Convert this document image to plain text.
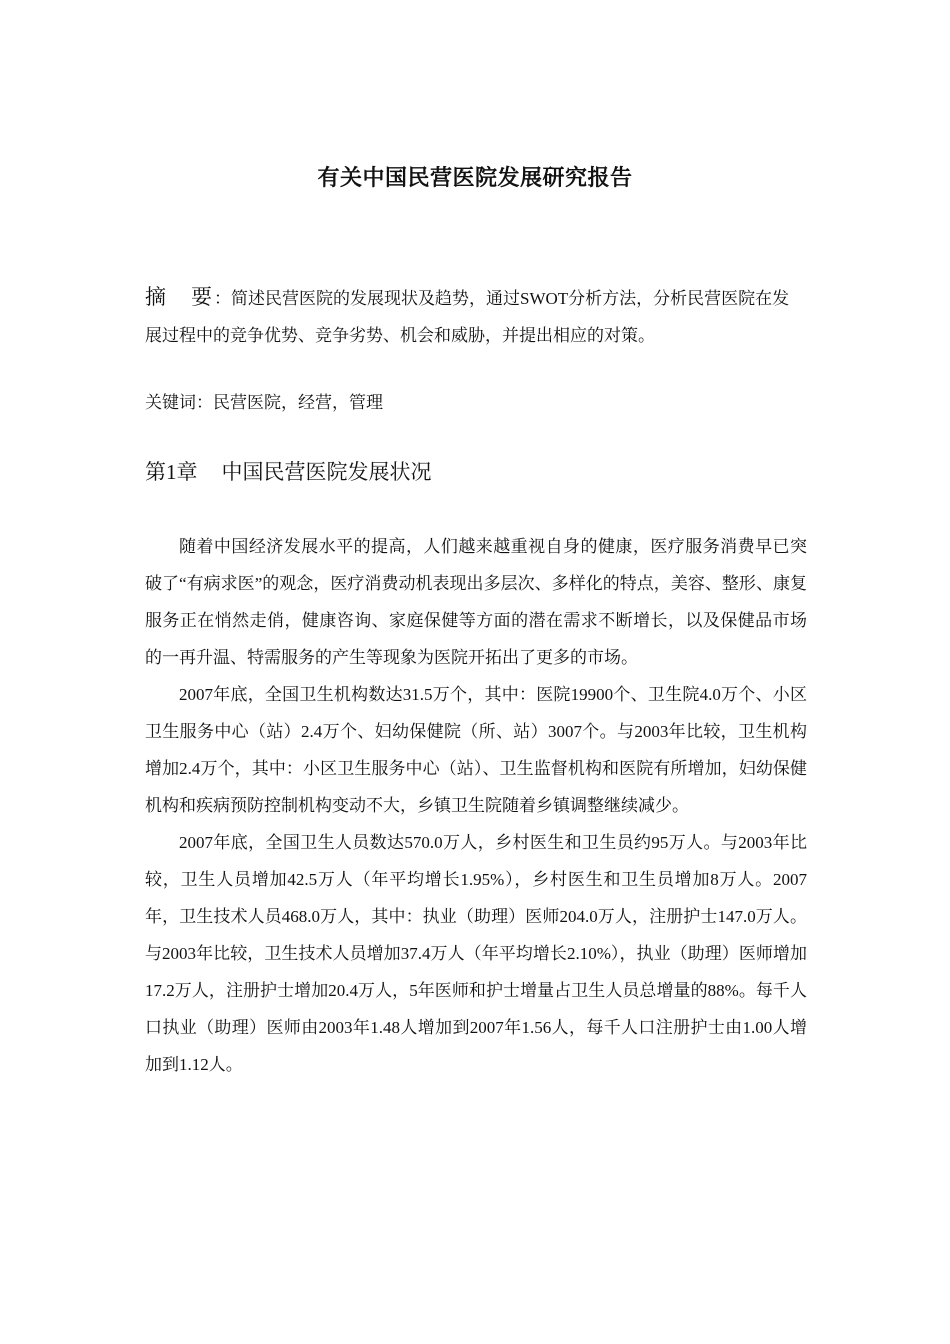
有关中国民营医院发展研究报告
摘　要：简述民营医院的发展现状及趋势，通过SWOT分析方法，分析民营医院在发展过程中的竞争优势、竞争劣势、机会和威胁，并提出相应的对策。
关键词：民营医院，经营，管理
第1章 中国民营医院发展状况

随着中国经济发展水平的提高，人们越来越重视自身的健康，医疗服务消费早已突破了“有病求医”的观念，医疗消费动机表现出多层次、多样化的特点，美容、整形、康复服务正在悄然走俏，健康咨询、家庭保健等方面的潜在需求不断增长，以及保健品市场的一再升温、特需服务的产生等现象为医院开拓出了更多的市场。

2007年底，全国卫生机构数达31.5万个，其中：医院19900个、卫生院4.0万个、小区卫生服务中心（站）2.4万个、妇幼保健院（所、站）3007个。与2003年比较，卫生机构增加2.4万个，其中：小区卫生服务中心（站）、卫生监督机构和医院有所增加，妇幼保健机构和疾病预防控制机构变动不大，乡镇卫生院随着乡镇调整继续减少。

2007年底，全国卫生人员数达570.0万人，乡村医生和卫生员约95万人。与2003年比较，卫生人员增加42.5万人（年平均增长1.95%），乡村医生和卫生员增加8万人。2007年，卫生技术人员468.0万人，其中：执业（助理）医师204.0万人，注册护士147.0万人。与2003年比较，卫生技术人员增加37.4万人（年平均增长2.10%），执业（助理）医师增加17.2万人，注册护士增加20.4万人，5年医师和护士增量占卫生人员总增量的88%。每千人口执业（助理）医师由2003年1.48人增加到2007年1.56人，每千人口注册护士由1.00人增加到1.12人。
